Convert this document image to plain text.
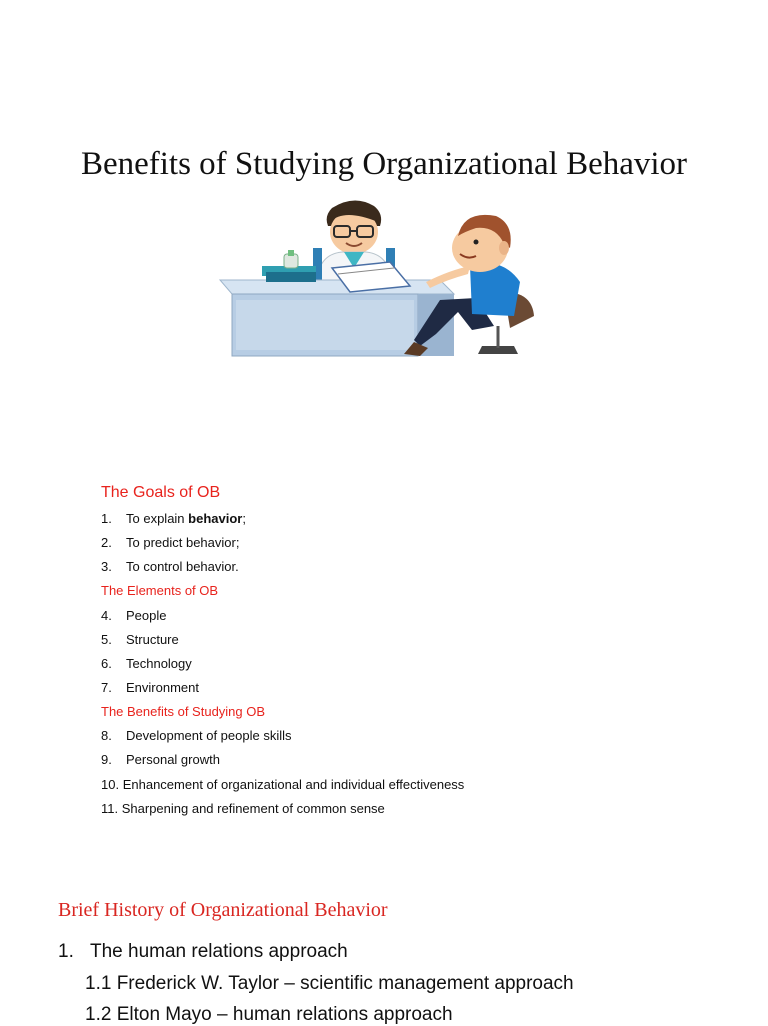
Benefits of Studying Organizational Behavior
The Goals of OB
1. To explain behavior;
2. To predict behavior;
3. To control behavior.
The Elements of OB
4. People
5. Structure
6. Technology
7. Environment
The Benefits of Studying OB
8. Development of people skills
9. Personal growth
10. Enhancement of organizational and individual effectiveness
11. Sharpening and refinement of common sense
Brief History of Organizational Behavior
1. The human relations approach
1.1 Frederick W. Taylor – scientific management approach
1.2 Elton Mayo – human relations approach
